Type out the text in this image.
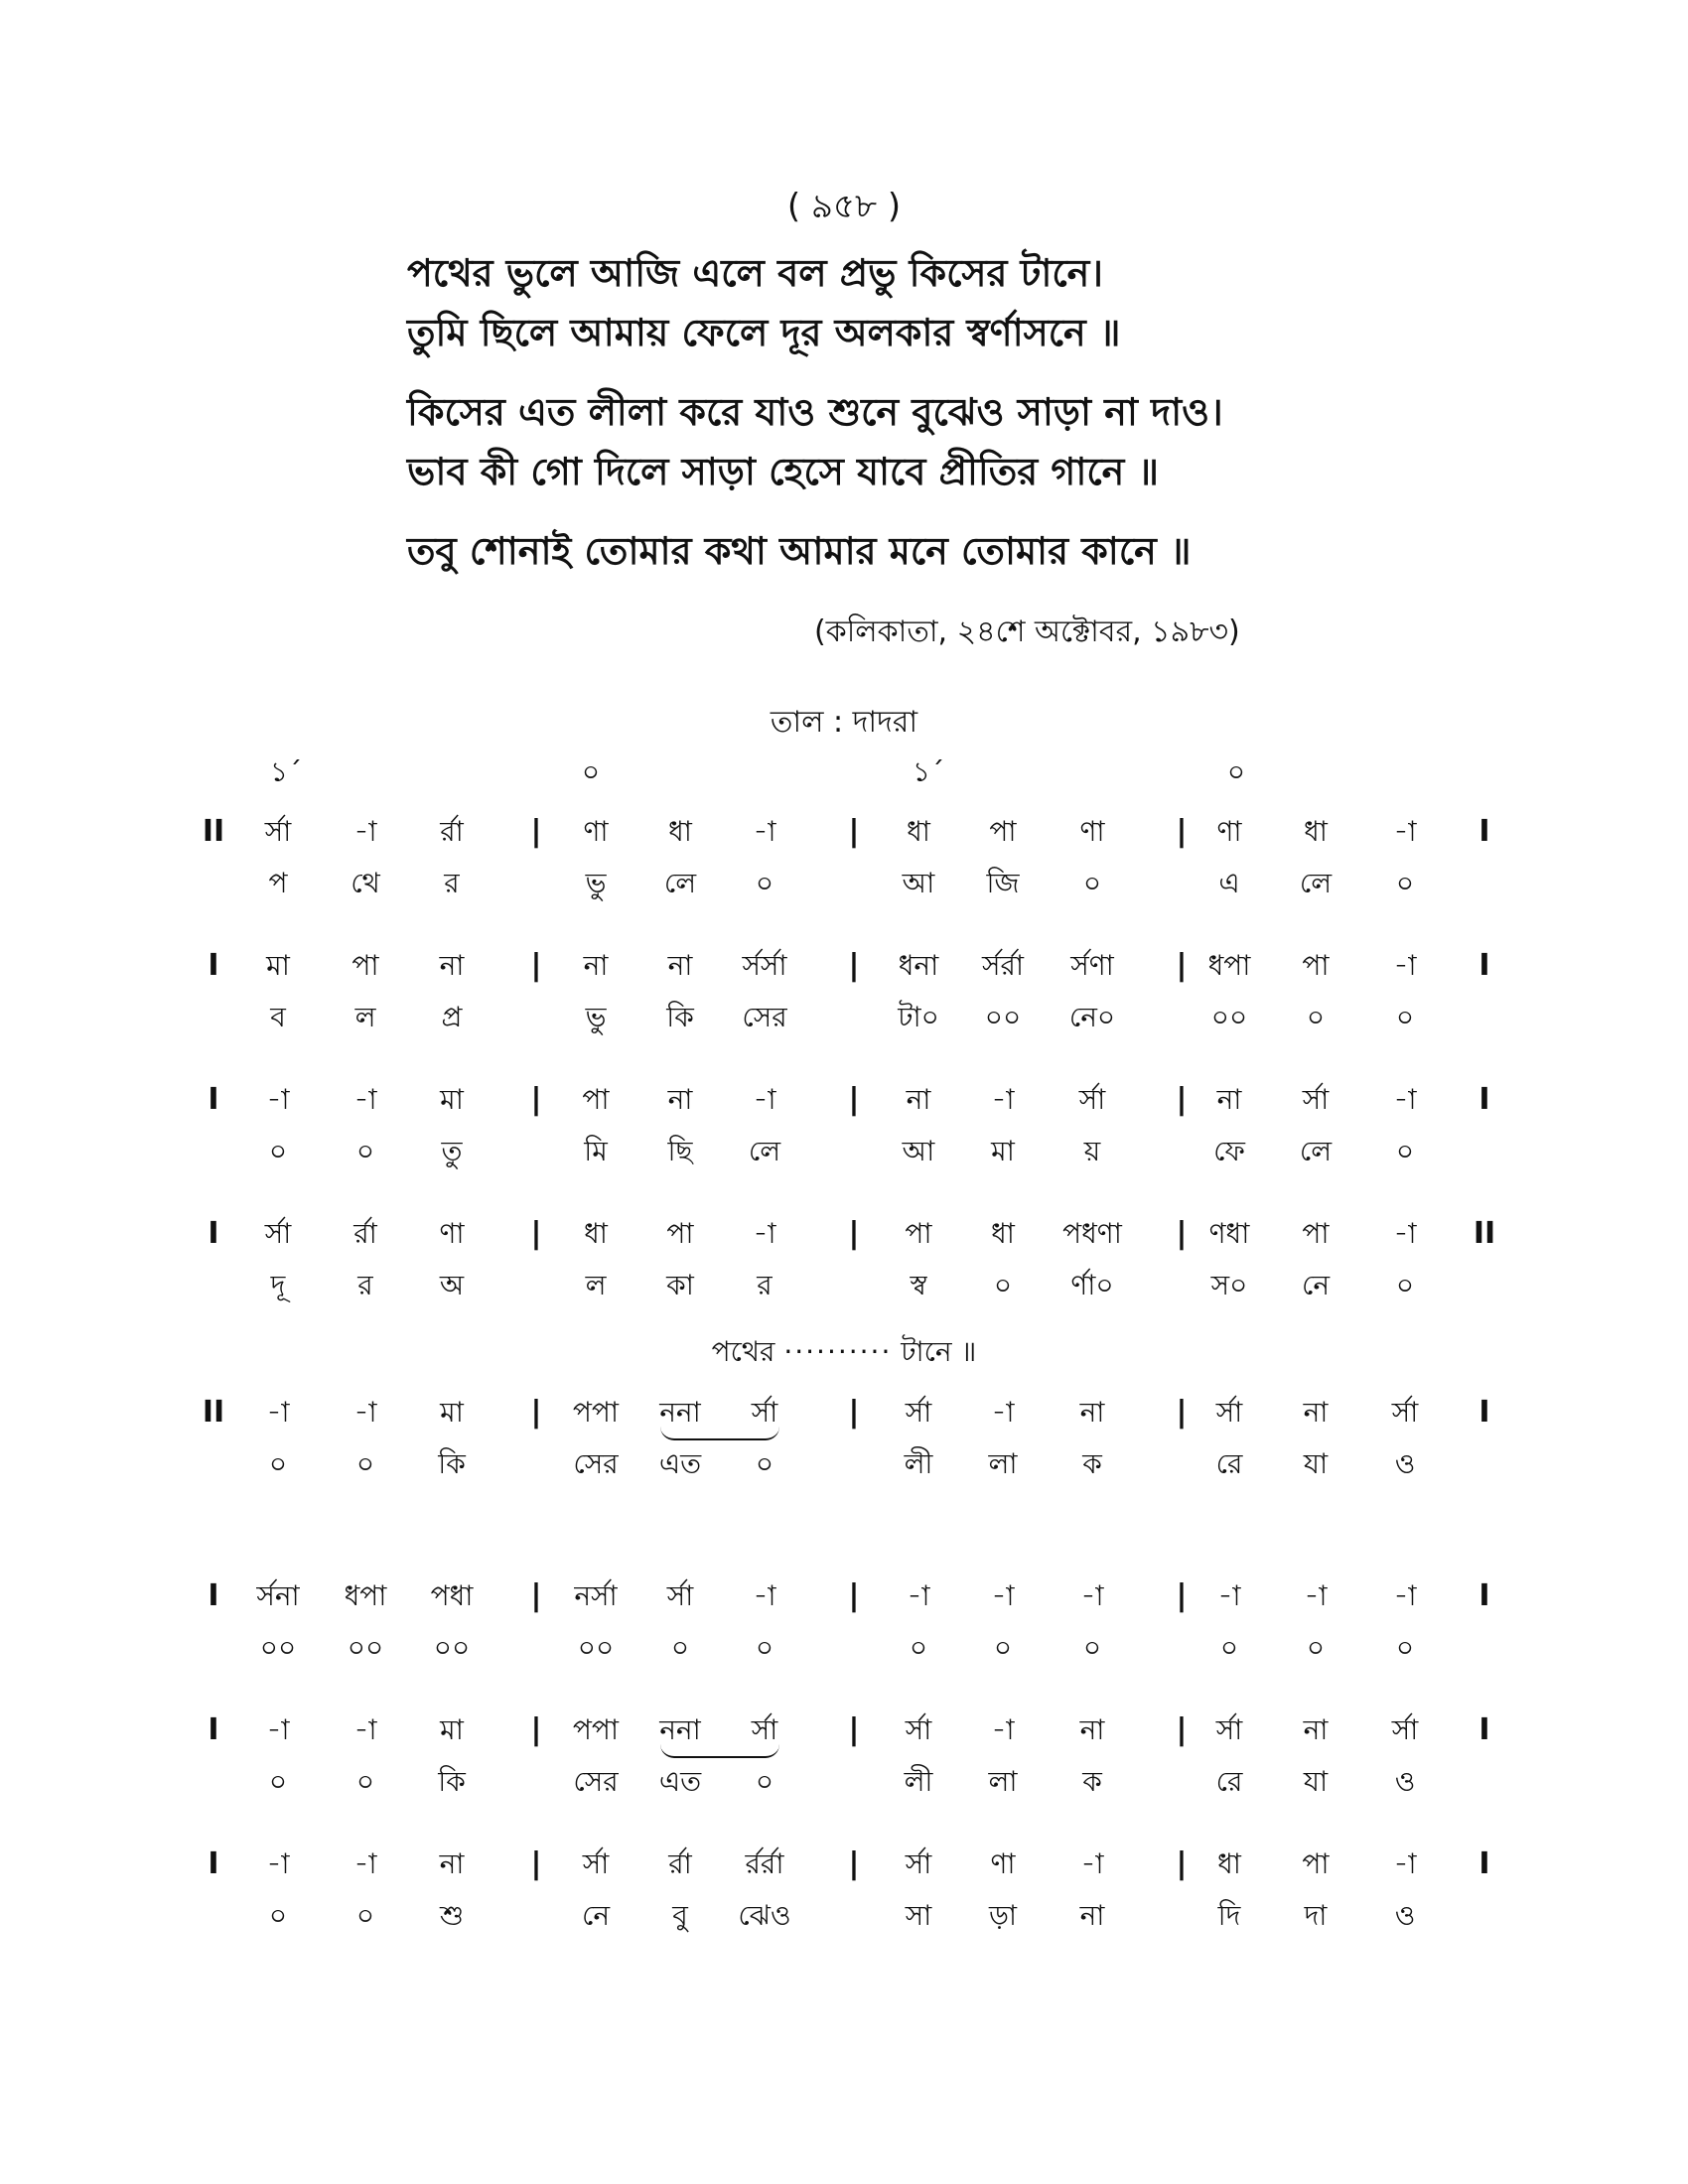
( ৯৫৮ )
পথের ভুলে আজি এলে বল প্রভু কিসের টানে।
তুমি ছিলে আমায় ফেলে দূর অলকার স্বর্ণাসনে ॥
কিসের এত লীলা করে যাও শুনে বুঝেও সাড়া না দাও।
ভাব কী গো দিলে সাড়া হেসে যাবে প্রীতির গানে ॥
তবু শোনাই তোমার কথা আমার মনে তোমার কানে ॥
(কলিকাতা, ২৪শে অক্টোবর, ১৯৮৩)
তাল : দাদরা
১´	০	১´	০
II	I
|	|	|
র্সা	-া	র্রা	ণা	ধা	-া	ধা	পা	ণা	ণা	ধা	-া
প	থে	র	ভু	লে	০	আ	জি	০	এ	লে	০
I	I
|	|	|
মা	পা	না	না	না	র্সর্সা	ধনা	র্সর্রা	র্সণা	ধপা	পা	-া
ব	ল	প্র	ভু	কি	সের	টা০	০০	নে০	০০	০	০
I	I
|	|	|
-া	-া	মা	পা	না	-া	না	-া	র্সা	না	র্সা	-া
০	০	তু	মি	ছি	লে	আ	মা	য়	ফে	লে	০
I	II
|	|	|
র্সা	র্রা	ণা	ধা	পা	-া	পা	ধা	পধণা	ণধা	পা	-া
দূ	র	অ	ল	কা	র	স্ব	০	র্ণা০	স০	নে	০
II	I
|	|	|
-া	-া	মা	পপা	ননা	র্সা	র্সা	-া	না	র্সা	না	র্সা
০	০	কি	সের	এত	০	লী	লা	ক	রে	যা	ও
I	I
|	|	|
র্সনা	ধপা	পধা	নর্সা	র্সা	-া	-া	-া	-া	-া	-া	-া
০০	০০	০০	০০	০	০	০	০	০	০	০	০
I	I
|	|	|
-া	-া	মা	পপা	ননা	র্সা	র্সা	-া	না	র্সা	না	র্সা
০	০	কি	সের	এত	০	লী	লা	ক	রে	যা	ও
I	I
|	|	|
-া	-া	না	র্সা	র্রা	র্রর্রা	র্সা	ণা	-া	ধা	পা	-া
০	০	শু	নে	বু	ঝেও	সা	ড়া	না	দি	দা	ও
পথের ·········· টানে ॥
